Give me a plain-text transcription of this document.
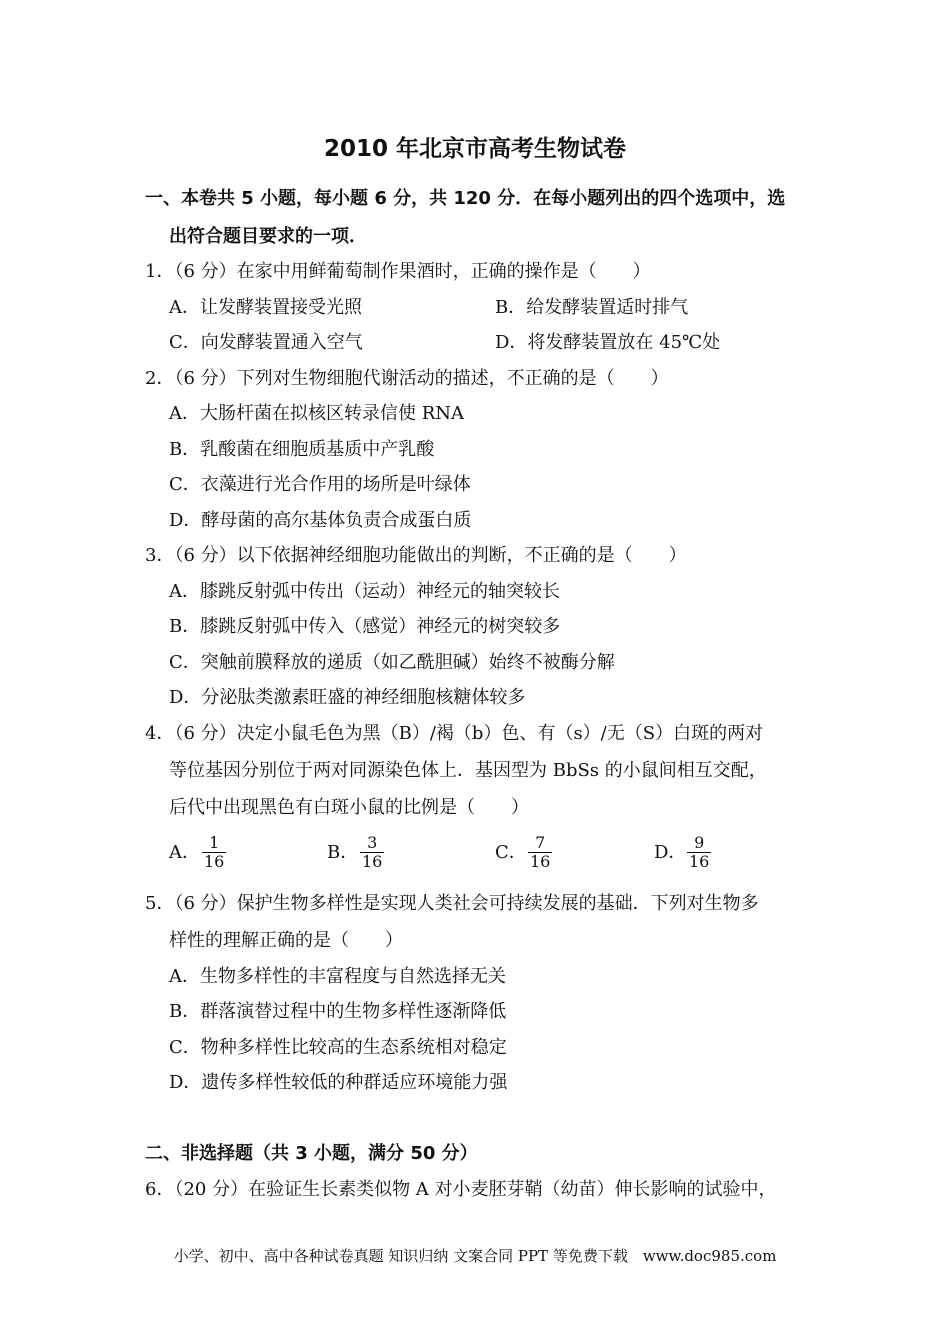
2010 年北京市高考生物试卷
一、本卷共 5 小题，每小题 6 分，共 120 分．在每小题列出的四个选项中，选
出符合题目要求的一项．
1．（6 分）在家中用鲜葡萄制作果酒时，正确的操作是（　　）
A．让发酵装置接受光照	B．给发酵装置适时排气
C．向发酵装置通入空气	D．将发酵装置放在 45℃处
2．（6 分）下列对生物细胞代谢活动的描述，不正确的是（　　）
A．大肠杆菌在拟核区转录信使 RNA
B．乳酸菌在细胞质基质中产乳酸
C．衣藻进行光合作用的场所是叶绿体
D．酵母菌的高尔基体负责合成蛋白质
3．（6 分）以下依据神经细胞功能做出的判断，不正确的是（　　）
A．膝跳反射弧中传出（运动）神经元的轴突较长
B．膝跳反射弧中传入（感觉）神经元的树突较多
C．突触前膜释放的递质（如乙酰胆碱）始终不被酶分解
D．分泌肽类激素旺盛的神经细胞核糖体较多
4．（6 分）决定小鼠毛色为黑（B）/褐（b）色、有（s）/无（S）白斑的两对
等位基因分别位于两对同源染色体上．基因型为 BbSs 的小鼠间相互交配，
后代中出现黑色有白斑小鼠的比例是（　　）
A． 1
16	B． 3
16	C． 7
16	D． 9
16
5．（6 分）保护生物多样性是实现人类社会可持续发展的基础．下列对生物多
样性的理解正确的是（　　）
A．生物多样性的丰富程度与自然选择无关
B．群落演替过程中的生物多样性逐渐降低
C．物种多样性比较高的生态系统相对稳定
D．遗传多样性较低的种群适应环境能力强
二、非选择题（共 3 小题，满分 50 分）
6．（20 分）在验证生长素类似物 A 对小麦胚芽鞘（幼苗）伸长影响的试验中，
小学、初中、高中各种试卷真题 知识归纳 文案合同 PPT 等免费下载　www.doc985.com
